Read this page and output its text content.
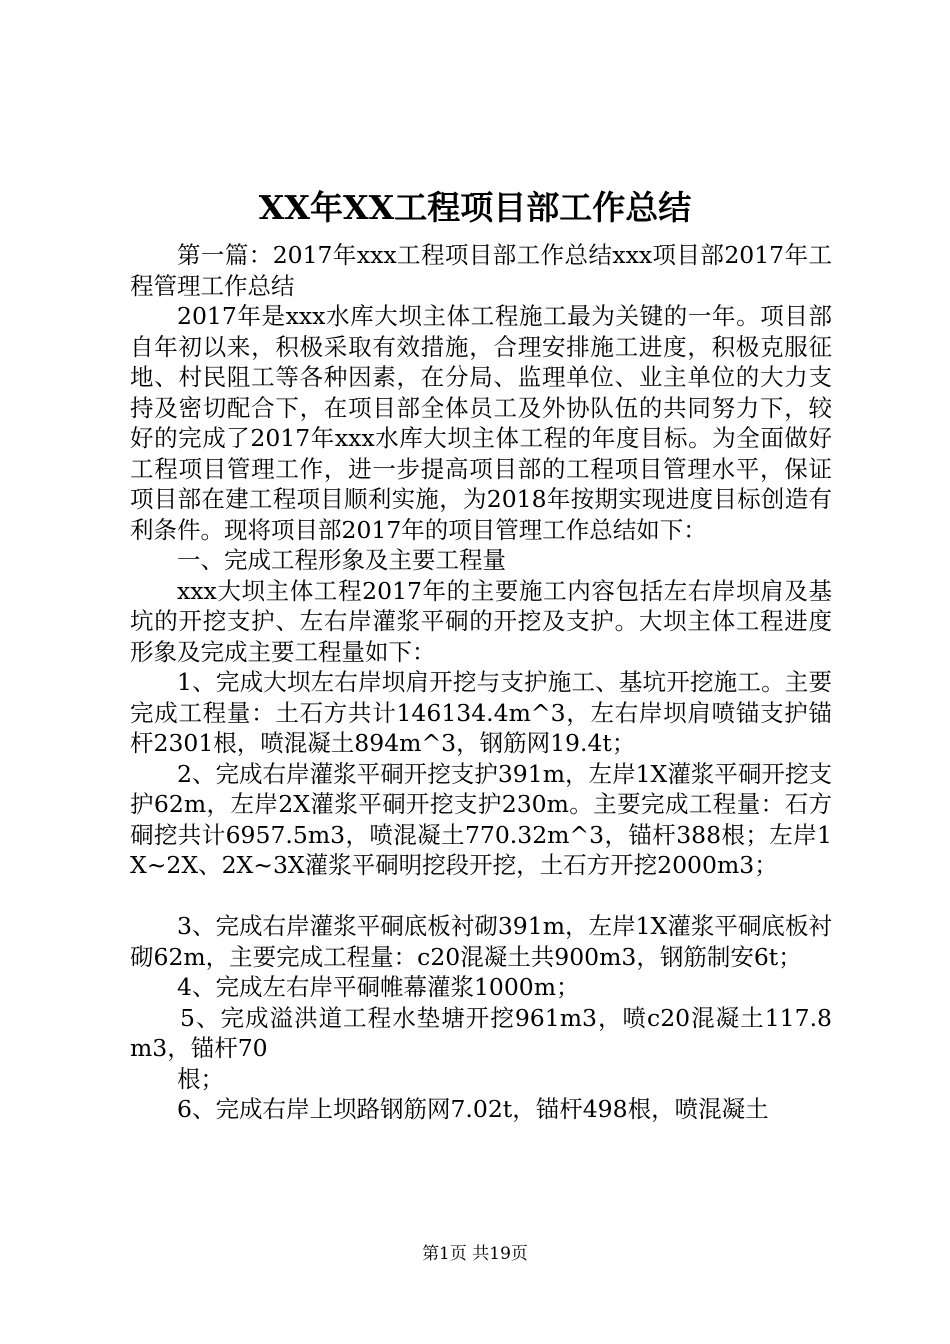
XX年XX工程项目部工作总结

第一篇：2017年xxx工程项目部工作总结xxx项目部2017年工程管理工作总结

2017年是xxx水库大坝主体工程施工最为关键的一年。项目部自年初以来，积极采取有效措施，合理安排施工进度，积极克服征地、村民阻工等各种因素，在分局、监理单位、业主单位的大力支持及密切配合下，在项目部全体员工及外协队伍的共同努力下，较好的完成了2017年xxx水库大坝主体工程的年度目标。为全面做好工程项目管理工作，进一步提高项目部的工程项目管理水平，保证项目部在建工程项目顺利实施，为2018年按期实现进度目标创造有利条件。现将项目部2017年的项目管理工作总结如下：

一、完成工程形象及主要工程量

xxx大坝主体工程2017年的主要施工内容包括左右岸坝肩及基坑的开挖支护、左右岸灌浆平硐的开挖及支护。大坝主体工程进度形象及完成主要工程量如下：

1、完成大坝左右岸坝肩开挖与支护施工、基坑开挖施工。主要完成工程量：土石方共计146134.4m^3，左右岸坝肩喷锚支护锚杆2301根，喷混凝土894m^3，钢筋网19.4t；

2、完成右岸灌浆平硐开挖支护391m，左岸1X灌浆平硐开挖支护62m，左岸2X灌浆平硐开挖支护230m。主要完成工程量：石方硐挖共计6957.5m3，喷混凝土770.32m^3，锚杆388根；左岸1X~2X、2X~3X灌浆平硐明挖段开挖，土石方开挖2000m3；

3、完成右岸灌浆平硐底板衬砌391m，左岸1X灌浆平硐底板衬砌62m，主要完成工程量：c20混凝土共900m3，钢筋制安6t；

4、完成左右岸平硐帷幕灌浆1000m；

5、完成溢洪道工程水垫塘开挖961m3，喷c20混凝土117.8m3，锚杆70

根；

6、完成右岸上坝路钢筋网7.02t，锚杆498根，喷混凝土

第1页 共19页
